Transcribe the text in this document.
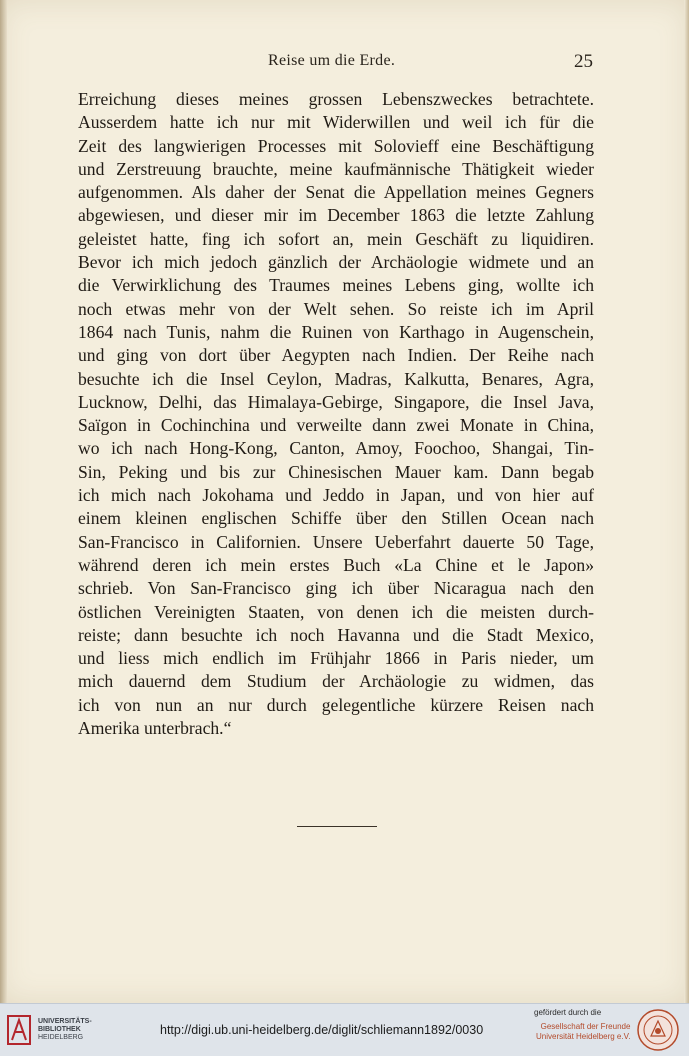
Reise um die Erde.	25
Erreichung dieses meines grossen Lebenszweckes betrachtete.
Ausserdem hatte ich nur mit Widerwillen und weil ich für die
Zeit des langwierigen Processes mit Solovieff eine Beschäftigung
und Zerstreuung brauchte, meine kaufmännische Thätigkeit wieder
aufgenommen. Als daher der Senat die Appellation meines Gegners
abgewiesen, und dieser mir im December 1863 die letzte Zahlung
geleistet hatte, fing ich sofort an, mein Geschäft zu liquidiren.
Bevor ich mich jedoch gänzlich der Archäologie widmete und an
die Verwirklichung des Traumes meines Lebens ging, wollte ich
noch etwas mehr von der Welt sehen. So reiste ich im April
1864 nach Tunis, nahm die Ruinen von Karthago in Augenschein,
und ging von dort über Aegypten nach Indien. Der Reihe nach
besuchte ich die Insel Ceylon, Madras, Kalkutta, Benares, Agra,
Lucknow, Delhi, das Himalaya-Gebirge, Singapore, die Insel Java,
Saïgon in Cochinchina und verweilte dann zwei Monate in China,
wo ich nach Hong-Kong, Canton, Amoy, Foochoo, Shangai, Tin-
Sin, Peking und bis zur Chinesischen Mauer kam. Dann begab
ich mich nach Jokohama und Jeddo in Japan, und von hier auf
einem kleinen englischen Schiffe über den Stillen Ocean nach
San-Francisco in Californien. Unsere Ueberfahrt dauerte 50 Tage,
während deren ich mein erstes Buch «La Chine et le Japon»
schrieb. Von San-Francisco ging ich über Nicaragua nach den
östlichen Vereinigten Staaten, von denen ich die meisten durch-
reiste; dann besuchte ich noch Havanna und die Stadt Mexico,
und liess mich endlich im Frühjahr 1866 in Paris nieder, um
mich dauernd dem Studium der Archäologie zu widmen, das
ich von nun an nur durch gelegentliche kürzere Reisen nach
Amerika unterbrach.“
UNIVERSITÄTS-
BIBLIOTHEK
HEIDELBERG
http://digi.ub.uni-heidelberg.de/diglit/schliemann1892/0030
gefördert durch die
Gesellschaft der Freunde
Universität Heidelberg e.V.
